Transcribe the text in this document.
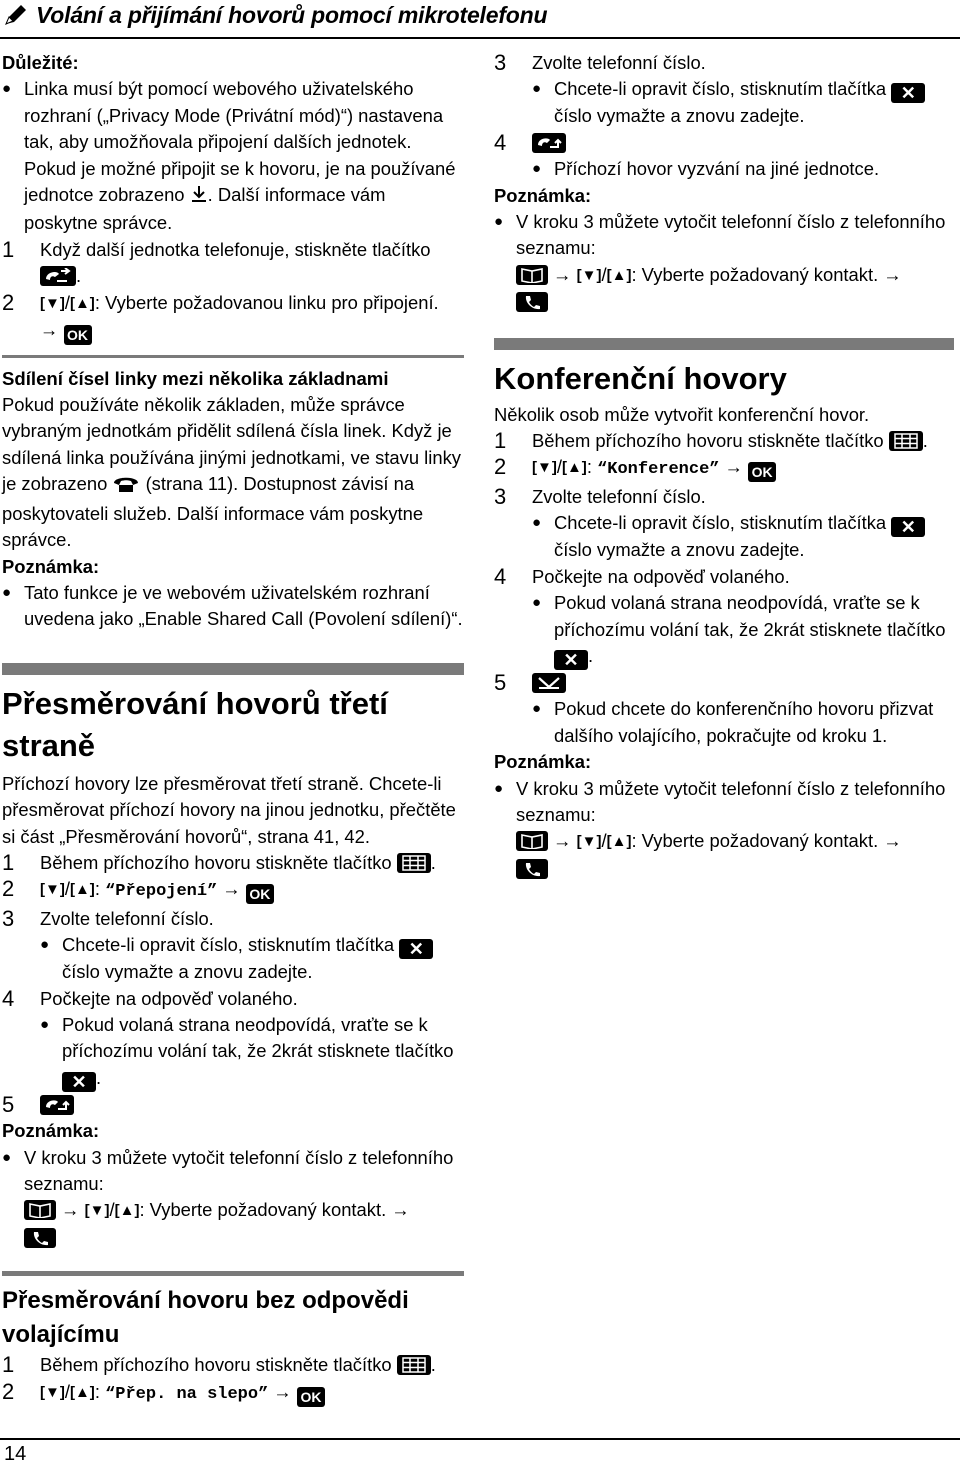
Volání a přijímání hovorů pomocí mikrotelefonu
Důležité:
● Linka musí být pomocí webového uživatelského rozhraní („Privacy Mode (Privátní mód)“) nastavena tak, aby umožňovala připojení dalších jednotek. Pokud je možné připojit se k hovoru, je na používané jednotce zobrazeno . Další informace vám poskytne správce.
1 Když další jednotka telefonuje, stiskněte tlačítko
.
2 [▼]/[▲]: Vyberte požadovanou linku pro připojení.
→ OK
Sdílení čísel linky mezi několika základnami
Pokud používáte několik základen, může správce vybraným jednotkám přidělit sdílená čísla linek. Když je sdílená linka používána jinými jednotkami, ve stavu linky je zobrazeno (strana 11). Dostupnost závisí na poskytovateli služeb. Další informace vám poskytne správce.
Poznámka:
● Tato funkce je ve webovém uživatelském rozhraní uvedena jako „Enable Shared Call (Povolení sdílení)“.
Přesměrování hovorů třetí straně
Příchozí hovory lze přesměrovat třetí straně. Chcete-li přesměrovat příchozí hovory na jinou jednotku, přečtěte si část „Přesměrování hovorů“, strana 41, 42.
1 Během příchozího hovoru stiskněte tlačítko .
2 [▼]/[▲]: “Přepojení” → OK
3 Zvolte telefonní číslo.
● Chcete-li opravit číslo, stisknutím tlačítka ✕
číslo vymažte a znovu zadejte.
4 Počkejte na odpověď volaného.
● Pokud volaná strana neodpovídá, vraťte se k příchozímu volání tak, že 2krát stisknete tlačítko ✕ .
5
Poznámka:
● V kroku 3 můžete vytočit telefonní číslo z telefonního seznamu:

→ [▼]/[▲]: Vyberte požadovaný kontakt. →

Přesměrování hovoru bez odpovědi volajícímu
1 Během příchozího hovoru stiskněte tlačítko .
2 [▼]/[▲]: “Přep. na slepo” → OK
3 Zvolte telefonní číslo.
● Chcete-li opravit číslo, stisknutím tlačítka ✕
číslo vymažte a znovu zadejte.
4
● Příchozí hovor vyzvání na jiné jednotce.
Poznámka:
● V kroku 3 můžete vytočit telefonní číslo z telefonního seznamu:

→ [▼]/[▲]: Vyberte požadovaný kontakt. →

Konferenční hovory
Několik osob může vytvořit konferenční hovor.
1 Během příchozího hovoru stiskněte tlačítko .
2 [▼]/[▲]: “Konference” → OK
3 Zvolte telefonní číslo.
● Chcete-li opravit číslo, stisknutím tlačítka ✕
číslo vymažte a znovu zadejte.
4 Počkejte na odpověď volaného.
● Pokud volaná strana neodpovídá, vraťte se k příchozímu volání tak, že 2krát stisknete tlačítko ✕ .
5
● Pokud chcete do konferenčního hovoru přizvat dalšího volajícího, pokračujte od kroku 1.
Poznámka:
● V kroku 3 můžete vytočit telefonní číslo z telefonního seznamu:

→ [▼]/[▲]: Vyberte požadovaný kontakt. →

14
